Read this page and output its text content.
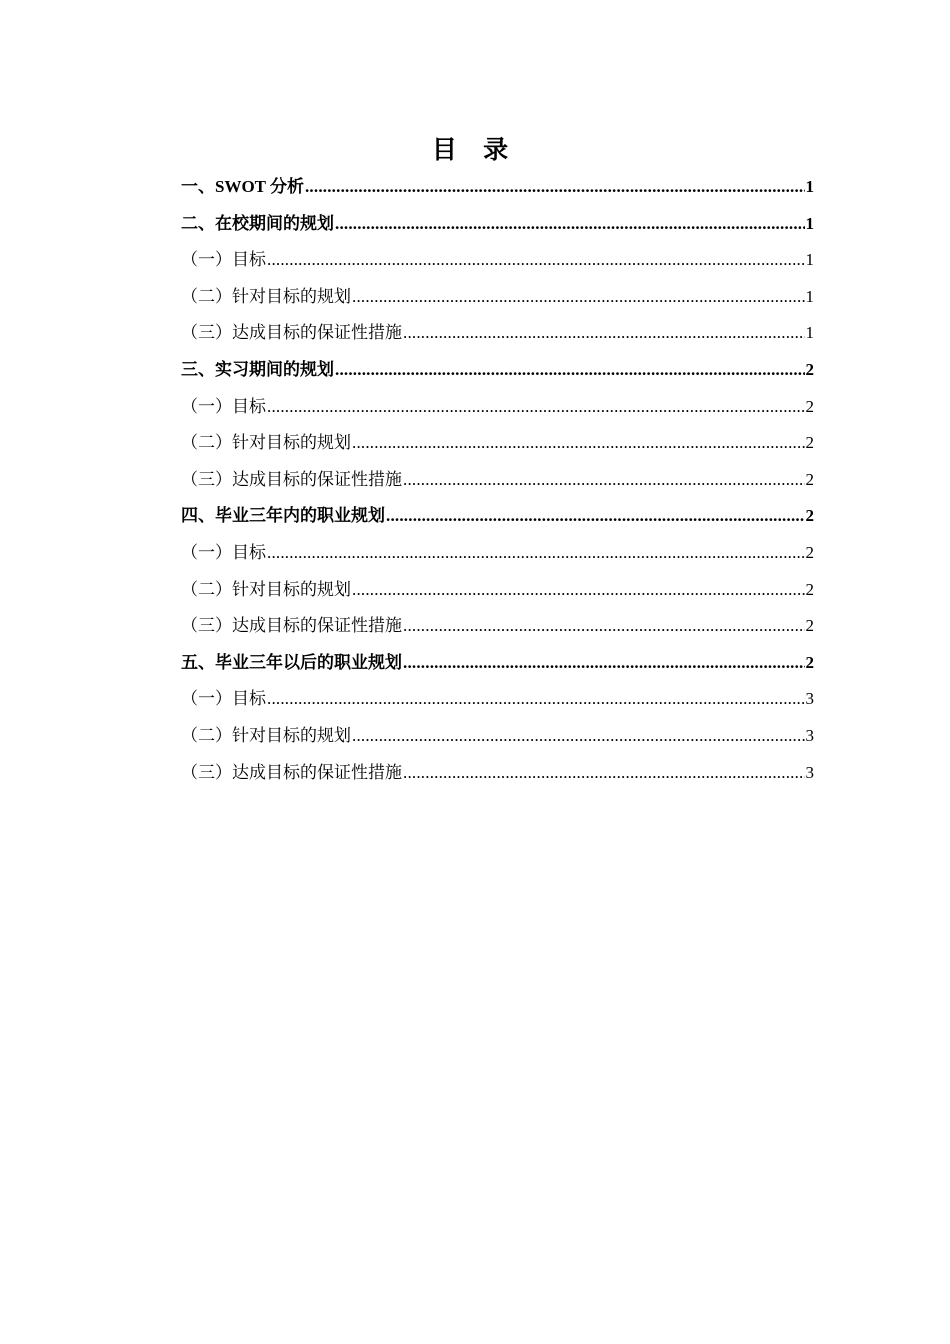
目 录
一、SWOT 分析 .....	1
二、在校期间的规划 .....	1
（一）目标 .....	1
（二）针对目标的规划 .....	1
（三）达成目标的保证性措施 .....	1
三、实习期间的规划 .....	2
（一）目标 .....	2
（二）针对目标的规划 .....	2
（三）达成目标的保证性措施 .....	2
四、毕业三年内的职业规划 .....	2
（一）目标 .....	2
（二）针对目标的规划 .....	2
（三）达成目标的保证性措施 .....	2
五、毕业三年以后的职业规划 .....	2
（一）目标 .....	3
（二）针对目标的规划 .....	3
（三）达成目标的保证性措施 .....	3
